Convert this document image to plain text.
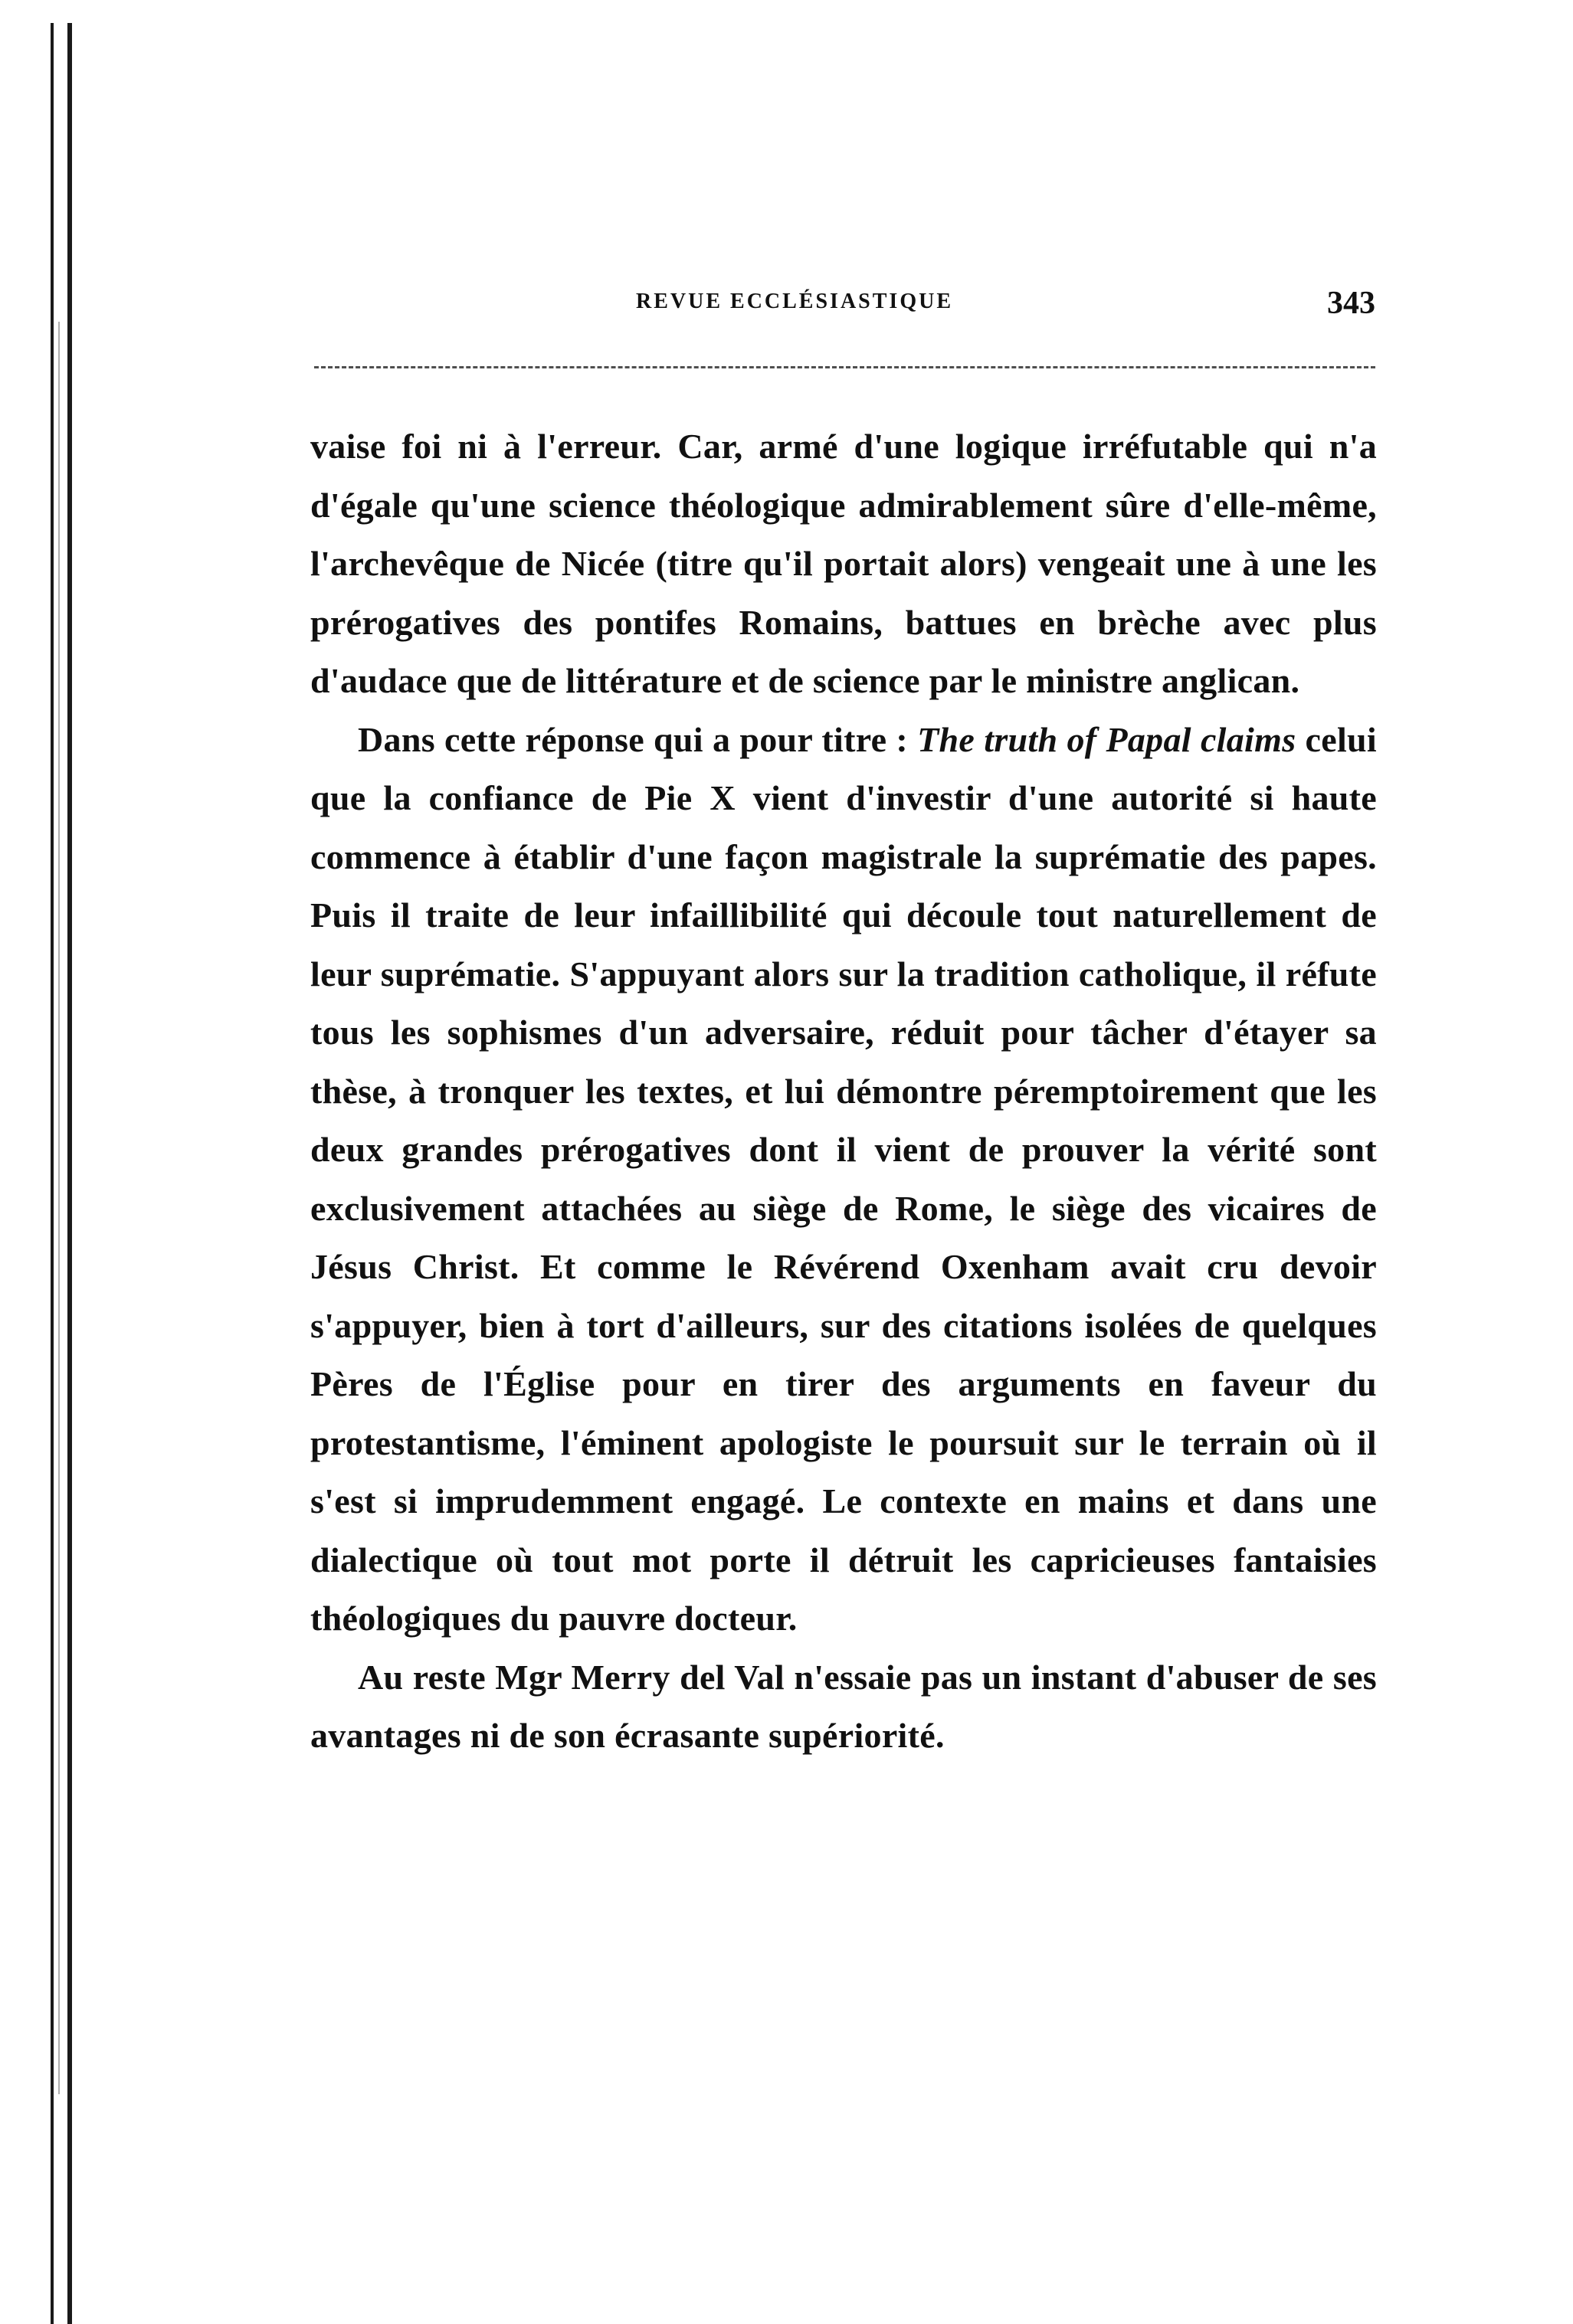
REVUE ECCLÉSIASTIQUE	343

vaise foi ni à l'erreur. Car, armé d'une logique irréfutable qui n'a d'égale qu'une science théologique admirablement sûre d'elle-même, l'archevêque de Nicée (titre qu'il portait alors) vengeait une à une les prérogatives des pontifes Romains, battues en brèche avec plus d'audace que de littérature et de science par le ministre anglican.

Dans cette réponse qui a pour titre : The truth of Papal claims celui que la confiance de Pie X vient d'investir d'une autorité si haute commence à établir d'une façon magistrale la suprématie des papes. Puis il traite de leur infaillibilité qui découle tout naturellement de leur suprématie. S'appuyant alors sur la tradition catholique, il réfute tous les sophismes d'un adversaire, réduit pour tâcher d'étayer sa thèse, à tronquer les textes, et lui démontre péremptoirement que les deux grandes prérogatives dont il vient de prouver la vérité sont exclusivement attachées au siège de Rome, le siège des vicaires de Jésus Christ. Et comme le Révérend Oxenham avait cru devoir s'appuyer, bien à tort d'ailleurs, sur des citations isolées de quelques Pères de l'Église pour en tirer des arguments en faveur du protestantisme, l'éminent apologiste le poursuit sur le terrain où il s'est si imprudemment engagé. Le contexte en mains et dans une dialectique où tout mot porte il détruit les capricieuses fantaisies théologiques du pauvre docteur.

Au reste Mgr Merry del Val n'essaie pas un instant d'abuser de ses avantages ni de son écrasante supériorité.
